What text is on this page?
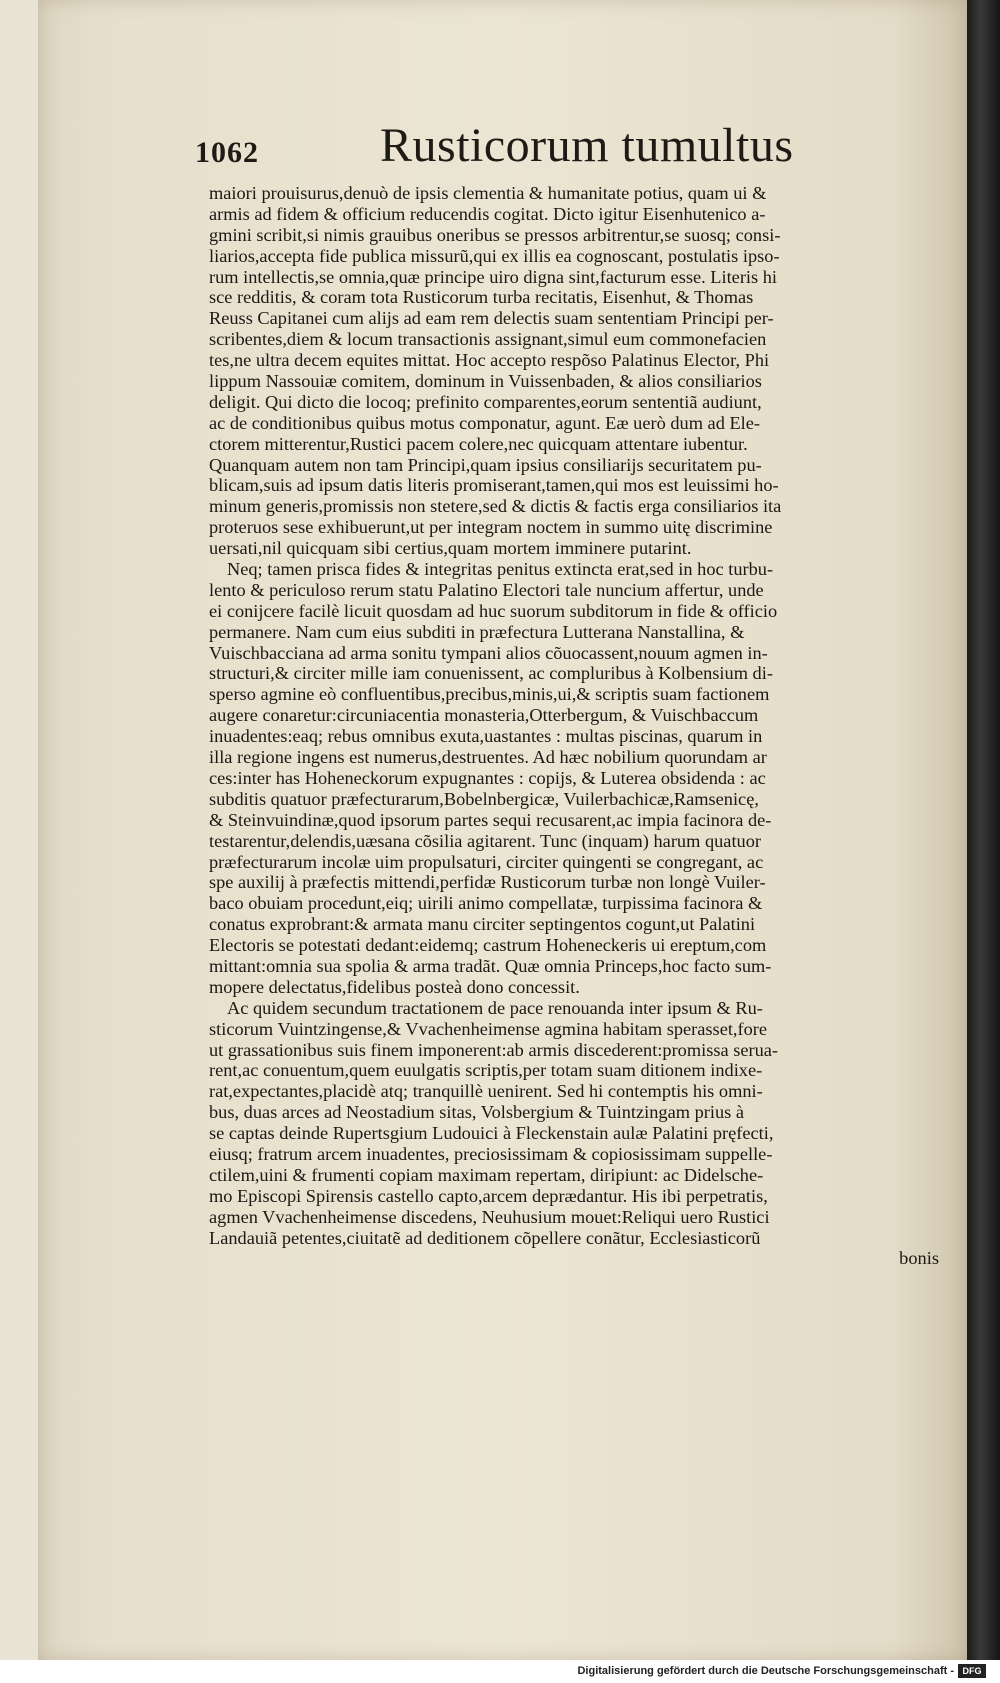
1062	Rusticorum tumultus
maiori prouisurus,denuò de ipsis clementia & humanitate potius, quam ui &
armis ad fidem & officium reducendis cogitat. Dicto igitur Eisenhutenico a-
gmini scribit,si nimis grauibus oneribus se pressos arbitrentur,se suosq; consi-
liarios,accepta fide publica missurũ,qui ex illis ea cognoscant, postulatis ipso-
rum intellectis,se omnia,quæ principe uiro digna sint,facturum esse. Literis hi
sce redditis, & coram tota Rusticorum turba recitatis, Eisenhut, & Thomas
Reuss Capitanei cum alijs ad eam rem delectis suam sententiam Principi per-
scribentes,diem & locum transactionis assignant,simul eum commonefacien
tes,ne ultra decem equites mittat. Hoc accepto respõso Palatinus Elector, Phi
lippum Nassouiæ comitem, dominum in Vuissenbaden, & alios consiliarios
deligit. Qui dicto die locoq; prefinito comparentes,eorum sententiã audiunt,
ac de conditionibus quibus motus componatur, agunt. Eæ uerò dum ad Ele-
ctorem mitterentur,Rustici pacem colere,nec quicquam attentare iubentur.
Quanquam autem non tam Principi,quam ipsius consiliarijs securitatem pu-
blicam,suis ad ipsum datis literis promiserant,tamen,qui mos est leuissimi ho-
minum generis,promissis non stetere,sed & dictis & factis erga consiliarios ita
proteruos sese exhibuerunt,ut per integram noctem in summo uitę discrimine
uersati,nil quicquam sibi certius,quam mortem imminere putarint.
Neq; tamen prisca fides & integritas penitus extincta erat,sed in hoc turbu-
lento & periculoso rerum statu Palatino Electori tale nuncium affertur, unde
ei conijcere facilè licuit quosdam ad huc suorum subditorum in fide & officio
permanere. Nam cum eius subditi in præfectura Lutterana Nanstallina, &
Vuischbacciana ad arma sonitu tympani alios cõuocassent,nouum agmen in-
structuri,& circiter mille iam conuenissent, ac compluribus à Kolbensium di-
sperso agmine eò confluentibus,precibus,minis,ui,& scriptis suam factionem
augere conaretur:circuniacentia monasteria,Otterbergum, & Vuischbaccum
inuadentes:eaq; rebus omnibus exuta,uastantes : multas piscinas, quarum in
illa regione ingens est numerus,destruentes. Ad hæc nobilium quorundam ar
ces:inter has Hoheneckorum expugnantes : copijs, & Luterea obsidenda : ac
subditis quatuor præfecturarum,Bobelnbergicæ, Vuilerbachicæ,Ramsenicę,
& Steinvuindinæ,quod ipsorum partes sequi recusarent,ac impia facinora de-
testarentur,delendis,uæsana cõsilia agitarent. Tunc (inquam) harum quatuor
præfecturarum incolæ uim propulsaturi, circiter quingenti se congregant, ac
spe auxilij à præfectis mittendi,perfidæ Rusticorum turbæ non longè Vuiler-
baco obuiam procedunt,eiq; uirili animo compellatæ, turpissima facinora &
conatus exprobrant:& armata manu circiter septingentos cogunt,ut Palatini
Electoris se potestati dedant:eidemq; castrum Hoheneckeris ui ereptum,com
mittant:omnia sua spolia & arma tradãt. Quæ omnia Princeps,hoc facto sum-
mopere delectatus,fidelibus posteà dono concessit.
Ac quidem secundum tractationem de pace renouanda inter ipsum & Ru-
sticorum Vuintzingense,& Vvachenheimense agmina habitam sperasset,fore
ut grassationibus suis finem imponerent:ab armis discederent:promissa serua-
rent,ac conuentum,quem euulgatis scriptis,per totam suam ditionem indixe-
rat,expectantes,placidè atq; tranquillè uenirent. Sed hi contemptis his omni-
bus, duas arces ad Neostadium sitas, Volsbergium & Tuintzingam prius à
se captas deinde Rupertsgium Ludouici à Fleckenstain aulæ Palatini pręfecti,
eiusq; fratrum arcem inuadentes, preciosissimam & copiosissimam suppelle-
ctilem,uini & frumenti copiam maximam repertam, diripiunt: ac Didelsche-
mo Episcopi Spirensis castello capto,arcem deprædantur. His ibi perpetratis,
agmen Vvachenheimense discedens, Neuhusium mouet:Reliqui uero Rustici
Landauiã petentes,ciuitatẽ ad deditionem cõpellere conãtur, Ecclesiasticorũ
bonis
Digitalisierung gefördert durch die Deutsche Forschungsgemeinschaft - DFG
